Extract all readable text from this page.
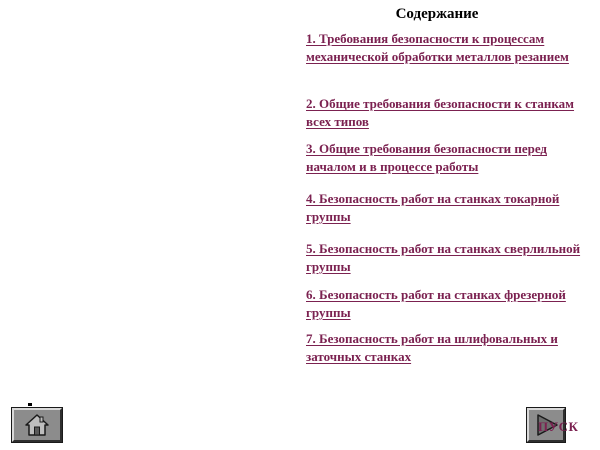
Содержание
1. Требования безопасности к процессам механической обработки металлов резанием
2. Общие требования безопасности к станкам всех типов
3. Общие требования безопасности перед началом и в процессе работы
4. Безопасность работ на станках токарной группы
5. Безопасность работ на станках сверлильной группы
6. Безопасность работ на станках фрезерной группы
7. Безопасность работ на шлифовальных и заточных станках
ПУСК
